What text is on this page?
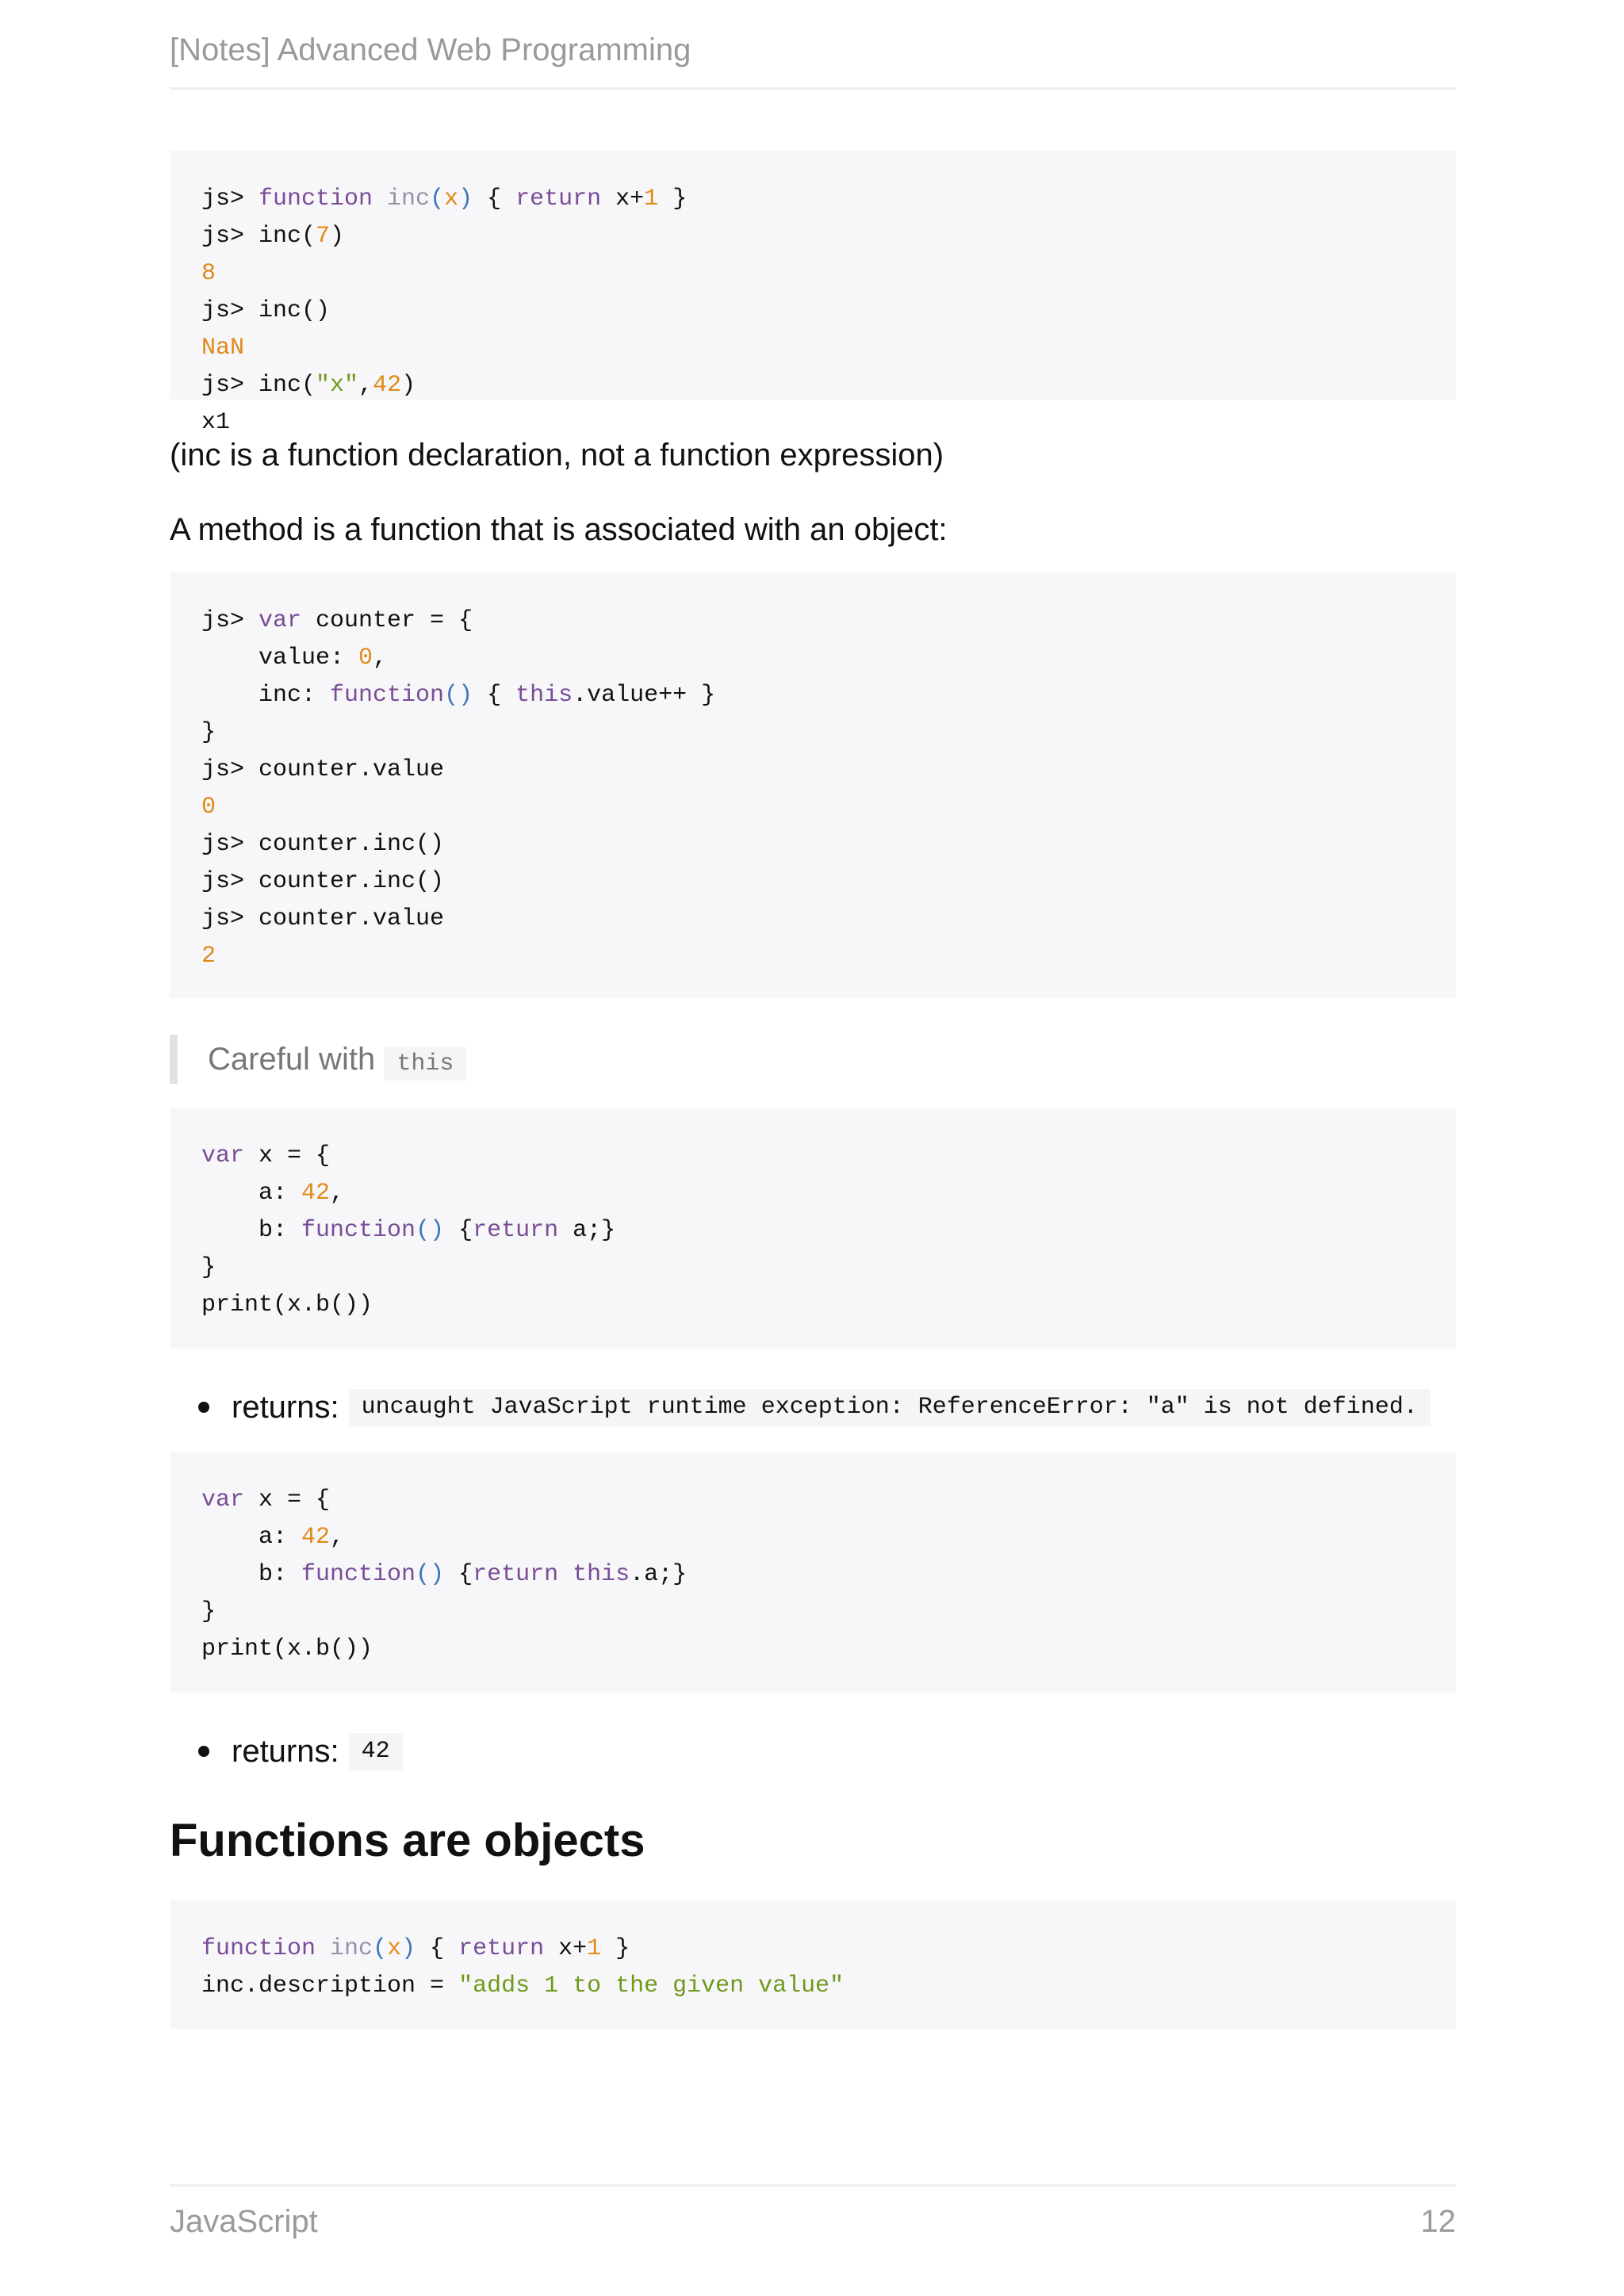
[Notes] Advanced Web Programming
js> function inc(x) { return x+1 }
js> inc(7)
8
js> inc()
NaN
js> inc("x",42)
x1

(inc is a function declaration, not a function expression)

A method is a function that is associated with an object:

js> var counter = {
value: 0,
inc: function() { this.value++ }
}
js> counter.value
0
js> counter.inc()
js> counter.inc()
js> counter.value
2
Careful with this
var x = {
a: 42,
b: function() {return a;}
}
print(x.b())
returns: uncaught JavaScript runtime exception: ReferenceError: "a" is not defined.
var x = {
a: 42,
b: function() {return this.a;}
}
print(x.b())
returns: 42
Functions are objects
function inc(x) { return x+1 }
inc.description = "adds 1 to the given value"
JavaScript	12
